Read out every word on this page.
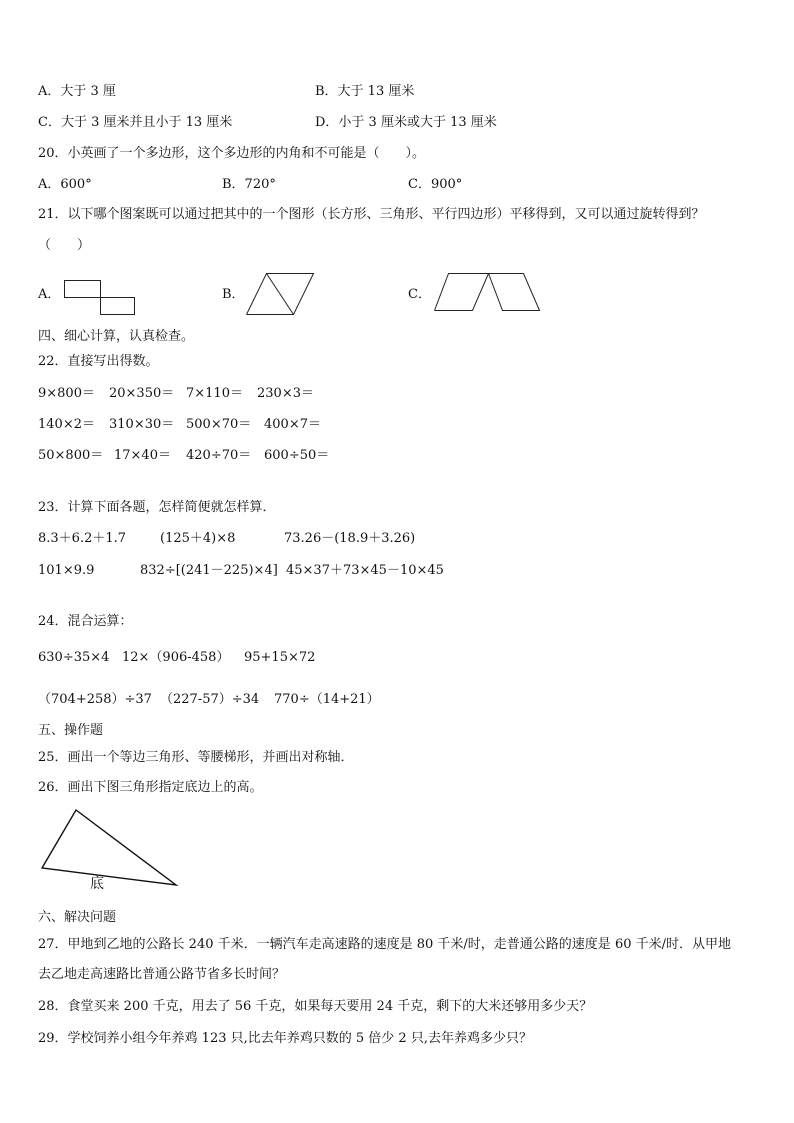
A．大于 3 厘	B．大于 13 厘米
C．大于 3 厘米并且小于 13 厘米	D．小于 3 厘米或大于 13 厘米
20．小英画了一个多边形，这个多边形的内角和不可能是（　　）。
A．600°	B．720°	C．900°
21．以下哪个图案既可以通过把其中的一个图形（长方形、三角形、平行四边形）平移得到，又可以通过旋转得到？
（　　）
A．	B．	C．
四、细心计算，认真检查。
22．直接写出得数。
9×800＝ 20×350＝ 7×110＝ 230×3＝
140×2＝ 310×30＝ 500×70＝ 400×7＝
50×800＝ 17×40＝ 420÷70＝ 600÷50＝
23．计算下面各题，怎样简便就怎样算．
8.3＋6.2＋1.7	(125＋4)×8	73.26－(18.9＋3.26)
101×9.9	832÷[(241－225)×4] 45×37＋73×45－10×45
24．混合运算：
630÷35×4 12×（906-458） 95+15×72
（704+258）÷37 （227-57）÷34 770÷（14+21）
五、操作题
25．画出一个等边三角形、等腰梯形，并画出对称轴．
26．画出下图三角形指定底边上的高。
底
六、解决问题
27．甲地到乙地的公路长 240 千米．一辆汽车走高速路的速度是 80 千米/时，走普通公路的速度是 60 千米/时．从甲地
去乙地走高速路比普通公路节省多长时间？
28．食堂买来 200 千克，用去了 56 千克，如果每天要用 24 千克，剩下的大米还够用多少天？
29．学校饲养小组今年养鸡 123 只,比去年养鸡只数的 5 倍少 2 只,去年养鸡多少只？
